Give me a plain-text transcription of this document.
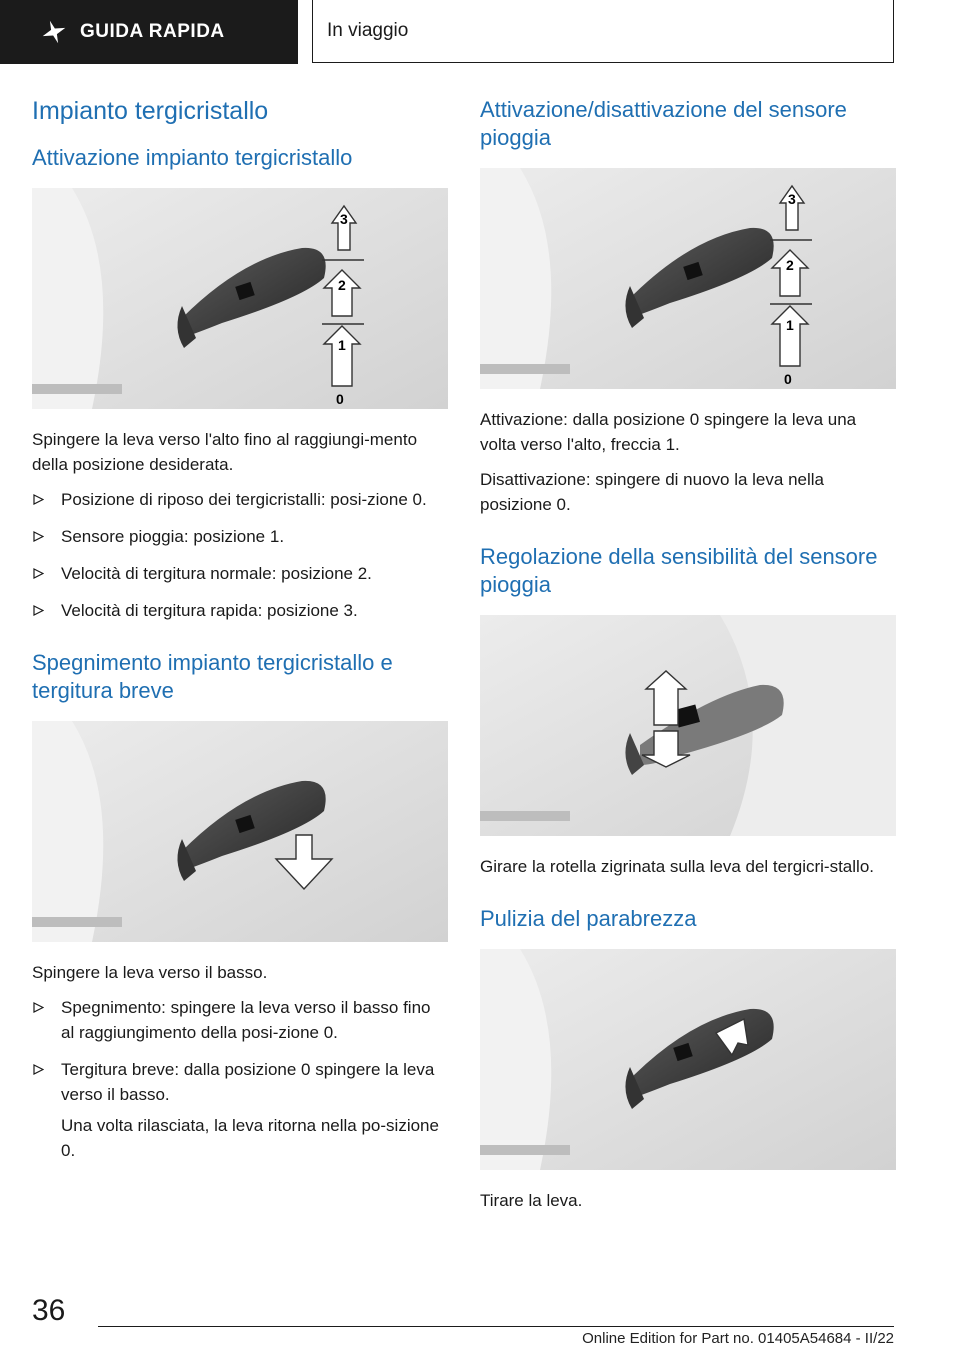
GUIDA RAPIDA	In viaggio
Impianto tergicristallo
Attivazione impianto tergicristallo
3
2
1
0

Spingere la leva verso l'alto fino al raggiungi-mento della posizione desiderata.

Posizione di riposo dei tergicristalli: posi-zione 0.
Sensore pioggia: posizione 1.
Velocità di tergitura normale: posizione 2.
Velocità di tergitura rapida: posizione 3.
Spegnimento impianto tergicristallo e tergitura breve

Spingere la leva verso il basso.

Spegnimento: spingere la leva verso il basso fino al raggiungimento della posi-zione 0.
Tergitura breve: dalla posizione 0 spingere la leva verso il basso.

Una volta rilasciata, la leva ritorna nella po-sizione 0.

Attivazione/disattivazione del sensore pioggia
3
2
1
0

Attivazione: dalla posizione 0 spingere la leva una volta verso l'alto, freccia 1.

Disattivazione: spingere di nuovo la leva nella posizione 0.

Regolazione della sensibilità del sensore pioggia

Girare la rotella zigrinata sulla leva del tergicri-stallo.

Pulizia del parabrezza

Tirare la leva.

36
Online Edition for Part no. 01405A54684 - II/22
